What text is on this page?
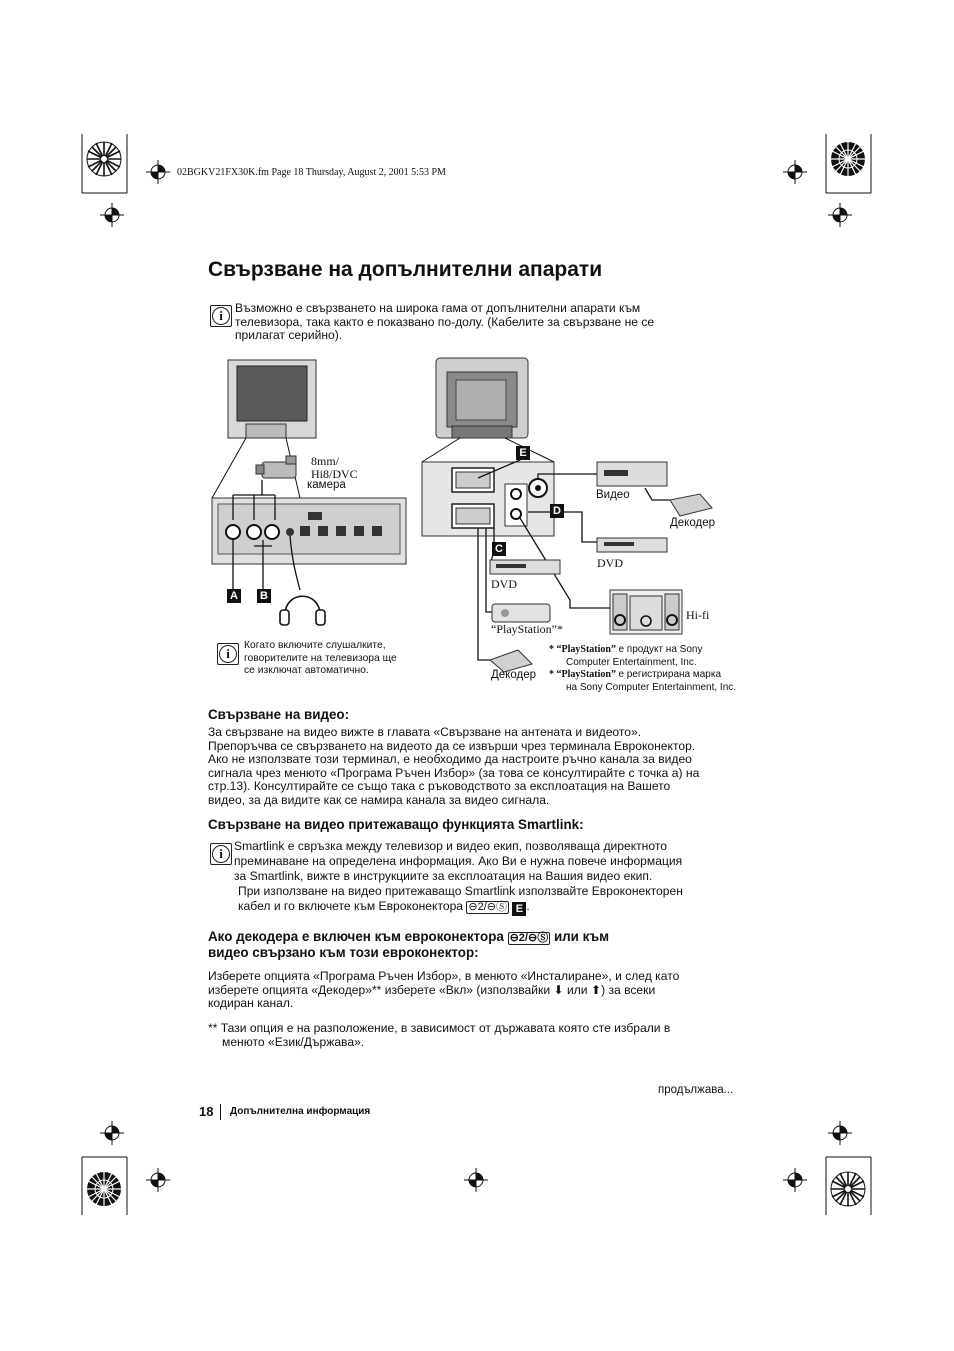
02BGKV21FX30K.fm Page 18 Thursday, August 2, 2001 5:53 PM
Свързване на допълнителни апарати
i	Възможно е свързването на широка гама от допълнителни апарати към
телевизора, така както е показвано по-долу. (Кабелите за свързване не се
прилагат серийно).
8mm/
Hi8/DVC
камера
Видео
Декодер
DVD
DVD
“PlayStation”*
Hi-fi
Декодер
A B
C
D
E
i
Когато включите слушалките,
говорителите на телевизора ще
се изключат автоматично.
* “PlayStation” е продукт на Sony
Computer Entertainment, Inc.
* “PlayStation” е регистрирана марка
на Sony Computer Entertainment, Inc.
Свързване на видео:
За свързване на видео вижте в главата «Свързване на антената и видеото».
Препоръчва се свързването на видеото да се извърши чрез терминала Евроконектор.
Ако не използвате този терминал, е необходимо да настроите ръчно канала за видео
сигнала чрез менюто «Програма Ръчен Избор» (за това се консултирайте с точка а) на
стр.13). Консултирайте се също така с ръководството за експлоатация на Вашето
видео, за да видите как се намира канала за видео сигнала.
Свързване на видео притежаващо функцията Smartlink:
i Smartlink е свръзка между телевизор и видео екип, позволяваща директното
преминаване на определена информация. Ако Ви е нужна повече информация
за Smartlink, вижте в инструкциите за експлоатация на Вашия видео екип.
При използване на видео притежаващо Smartlink използвайте Евроконекторен
кабел и го включете към Евроконектора ⊖2/⊖Ⓢ E .
Ако декодера е включен към евроконектора ⊖2/⊖Ⓢ или към
видео свързано към този евроконектор:
Изберете опцията «Програма Ръчен Избор», в менюто «Инсталиране», и след като
изберете опцията «Декодер»** изберете «Вкл» (използвайки ⬇ или ⬆) за всеки
кодиран канал.
** Тази опция е на разположение, в зависимост от държавата която сте избрали в
менюто «Език/Държава».
продължава...
18 Допълнителна информация
